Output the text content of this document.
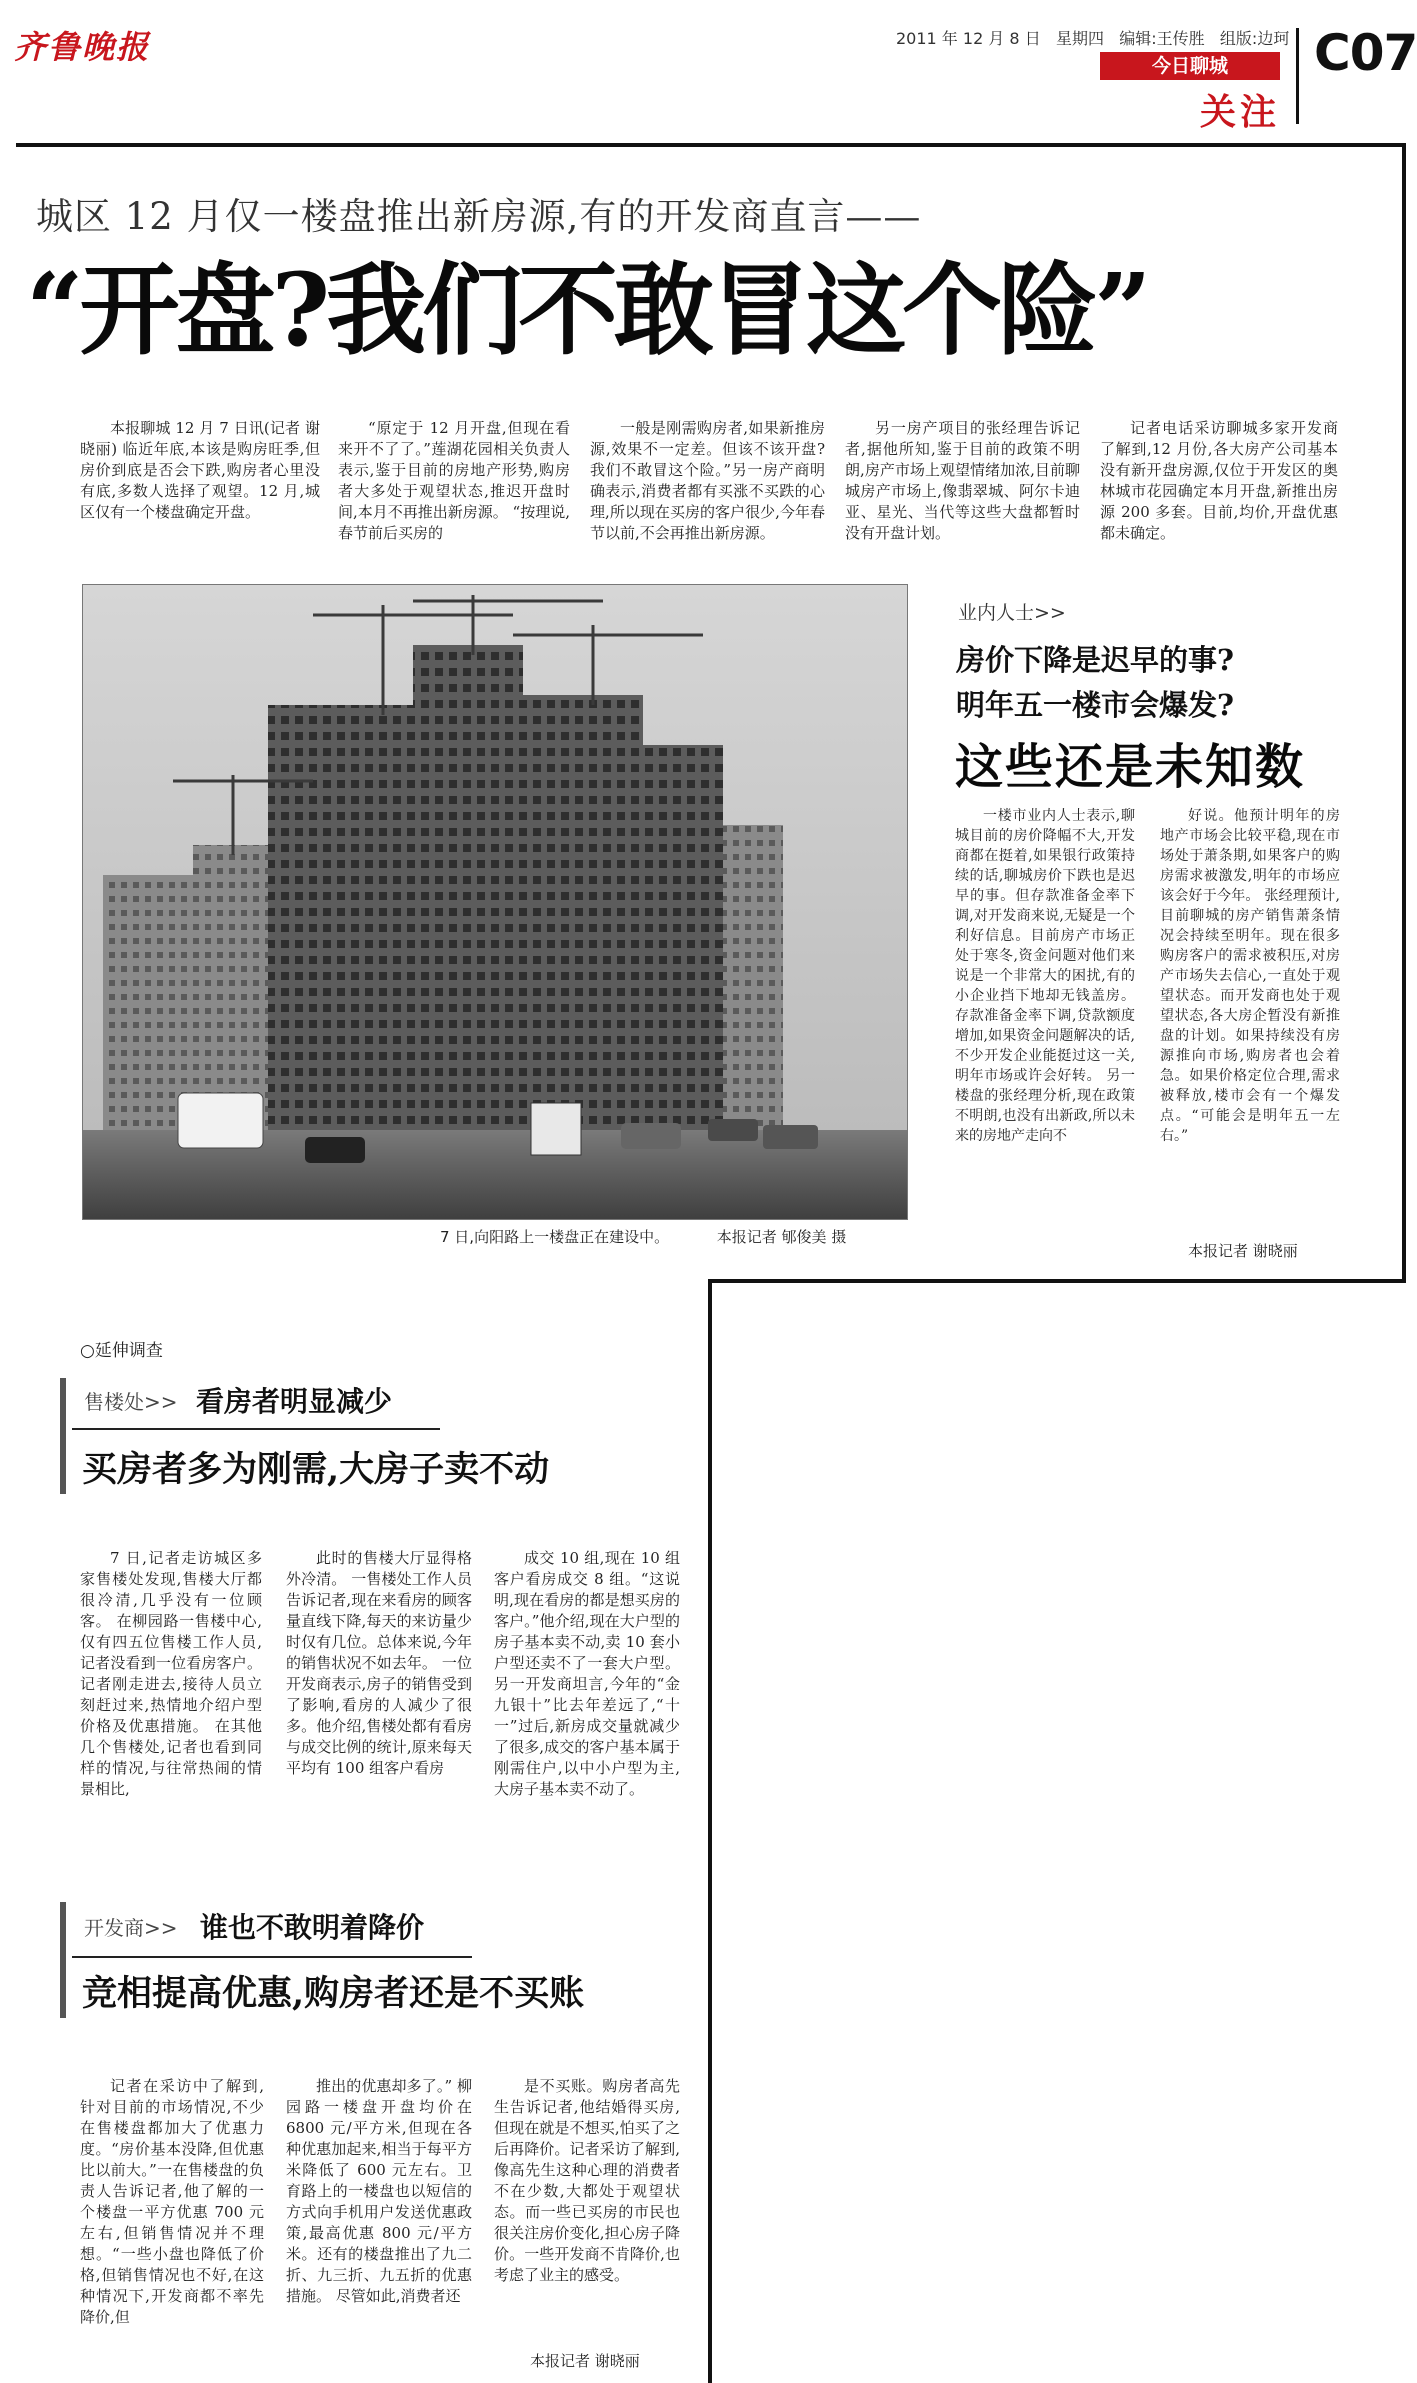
齐鲁晚报	2011 年 12 月 8 日 星期四 编辑:王传胜 组版:边珂
今日聊城
关注
C07
城区 12 月仅一楼盘推出新房源,有的开发商直言——
“开盘?我们不敢冒这个险”

本报聊城 12 月 7 日讯(记者 谢晓丽) 临近年底,本该是购房旺季,但房价到底是否会下跌,购房者心里没有底,多数人选择了观望。12 月,城区仅有一个楼盘确定开盘。

“原定于 12 月开盘,但现在看来开不了了。”莲湖花园相关负责人表示,鉴于目前的房地产形势,购房者大多处于观望状态,推迟开盘时间,本月不再推出新房源。 “按理说,春节前后买房的

一般是刚需购房者,如果新推房源,效果不一定差。但该不该开盘?我们不敢冒这个险。”另一房产商明确表示,消费者都有买涨不买跌的心理,所以现在买房的客户很少,今年春节以前,不会再推出新房源。

另一房产项目的张经理告诉记者,据他所知,鉴于目前的政策不明朗,房产市场上观望情绪加浓,目前聊城房产市场上,像翡翠城、阿尔卡迪亚、星光、当代等这些大盘都暂时没有开盘计划。

记者电话采访聊城多家开发商了解到,12 月份,各大房产公司基本没有新开盘房源,仅位于开发区的奥林城市花园确定本月开盘,新推出房源 200 多套。目前,均价,开盘优惠都未确定。

7 日,向阳路上一楼盘正在建设中。	本报记者 郇俊美 摄
业内人士>>
房价下降是迟早的事?
明年五一楼市会爆发?
这些还是未知数

一楼市业内人士表示,聊城目前的房价降幅不大,开发商都在挺着,如果银行政策持续的话,聊城房价下跌也是迟早的事。但存款准备金率下调,对开发商来说,无疑是一个利好信息。目前房产市场正处于寒冬,资金问题对他们来说是一个非常大的困扰,有的小企业挡下地却无钱盖房。存款准备金率下调,贷款额度增加,如果资金问题解决的话,不少开发企业能挺过这一关,明年市场或许会好转。 另一楼盘的张经理分析,现在政策不明朗,也没有出新政,所以未来的房地产走向不

好说。他预计明年的房地产市场会比较平稳,现在市场处于萧条期,如果客户的购房需求被激发,明年的市场应该会好于今年。 张经理预计,目前聊城的房产销售萧条情况会持续至明年。现在很多购房客户的需求被积压,对房产市场失去信心,一直处于观望状态。而开发商也处于观望状态,各大房企暂没有新推盘的计划。如果持续没有房源推向市场,购房者也会着急。如果价格定位合理,需求被释放,楼市会有一个爆发点。“可能会是明年五一左右。”

本报记者 谢晓丽
○延伸调查
售楼处>> 看房者明显减少
买房者多为刚需,大房子卖不动

7 日,记者走访城区多家售楼处发现,售楼大厅都很冷清,几乎没有一位顾客。 在柳园路一售楼中心,仅有四五位售楼工作人员,记者没看到一位看房客户。记者刚走进去,接待人员立刻赶过来,热情地介绍户型价格及优惠措施。 在其他几个售楼处,记者也看到同样的情况,与往常热闹的情景相比,

此时的售楼大厅显得格外冷清。 一售楼处工作人员告诉记者,现在来看房的顾客量直线下降,每天的来访量少时仅有几位。总体来说,今年的销售状况不如去年。 一位开发商表示,房子的销售受到了影响,看房的人减少了很多。他介绍,售楼处都有看房与成交比例的统计,原来每天平均有 100 组客户看房

成交 10 组,现在 10 组客户看房成交 8 组。“这说明,现在看房的都是想买房的客户。”他介绍,现在大户型的房子基本卖不动,卖 10 套小户型还卖不了一套大户型。 另一开发商坦言,今年的“金九银十”比去年差远了,“十一”过后,新房成交量就减少了很多,成交的客户基本属于刚需住户,以中小户型为主,大房子基本卖不动了。

开发商>> 谁也不敢明着降价
竞相提高优惠,购房者还是不买账

记者在采访中了解到,针对目前的市场情况,不少在售楼盘都加大了优惠力度。“房价基本没降,但优惠比以前大。”一在售楼盘的负责人告诉记者,他了解的一个楼盘一平方优惠 700 元左右,但销售情况并不理想。“一些小盘也降低了价格,但销售情况也不好,在这种情况下,开发商都不率先降价,但

推出的优惠却多了。” 柳园路一楼盘开盘均价在 6800 元/平方米,但现在各种优惠加起来,相当于每平方米降低了 600 元左右。卫育路上的一楼盘也以短信的方式向手机用户发送优惠政策,最高优惠 800 元/平方米。还有的楼盘推出了九二折、九三折、九五折的优惠措施。 尽管如此,消费者还

是不买账。购房者高先生告诉记者,他结婚得买房,但现在就是不想买,怕买了之后再降价。记者采访了解到,像高先生这种心理的消费者不在少数,大都处于观望状态。而一些已买房的市民也很关注房价变化,担心房子降价。一些开发商不肯降价,也考虑了业主的感受。

本报记者 谢晓丽
